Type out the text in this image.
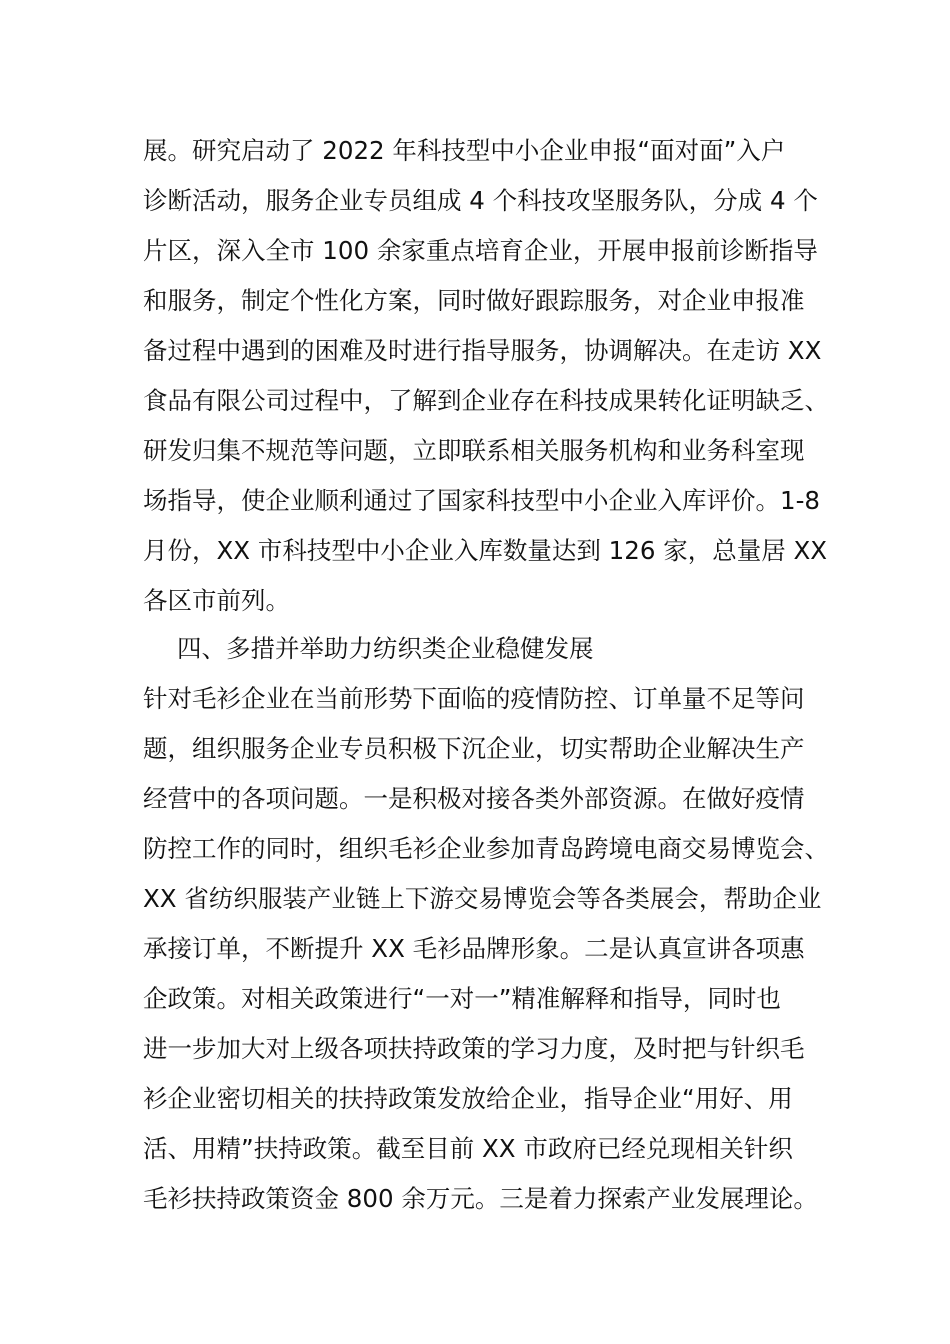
展。研究启动了 2022 年科技型中小企业申报“面对面”入户
诊断活动，服务企业专员组成 4 个科技攻坚服务队，分成 4 个
片区，深入全市 100 余家重点培育企业，开展申报前诊断指导
和服务，制定个性化方案，同时做好跟踪服务，对企业申报准
备过程中遇到的困难及时进行指导服务，协调解决。在走访 XX
食品有限公司过程中，了解到企业存在科技成果转化证明缺乏、
研发归集不规范等问题，立即联系相关服务机构和业务科室现
场指导，使企业顺利通过了国家科技型中小企业入库评价。1-8
月份，XX 市科技型中小企业入库数量达到 126 家，总量居 XX
各区市前列。
四、多措并举助力纺织类企业稳健发展
针对毛衫企业在当前形势下面临的疫情防控、订单量不足等问
题，组织服务企业专员积极下沉企业，切实帮助企业解决生产
经营中的各项问题。一是积极对接各类外部资源。在做好疫情
防控工作的同时，组织毛衫企业参加青岛跨境电商交易博览会、
XX 省纺织服装产业链上下游交易博览会等各类展会，帮助企业
承接订单，不断提升 XX 毛衫品牌形象。二是认真宣讲各项惠
企政策。对相关政策进行“一对一”精准解释和指导，同时也
进一步加大对上级各项扶持政策的学习力度，及时把与针织毛
衫企业密切相关的扶持政策发放给企业，指导企业“用好、用
活、用精”扶持政策。截至目前 XX 市政府已经兑现相关针织
毛衫扶持政策资金 800 余万元。三是着力探索产业发展理论。
